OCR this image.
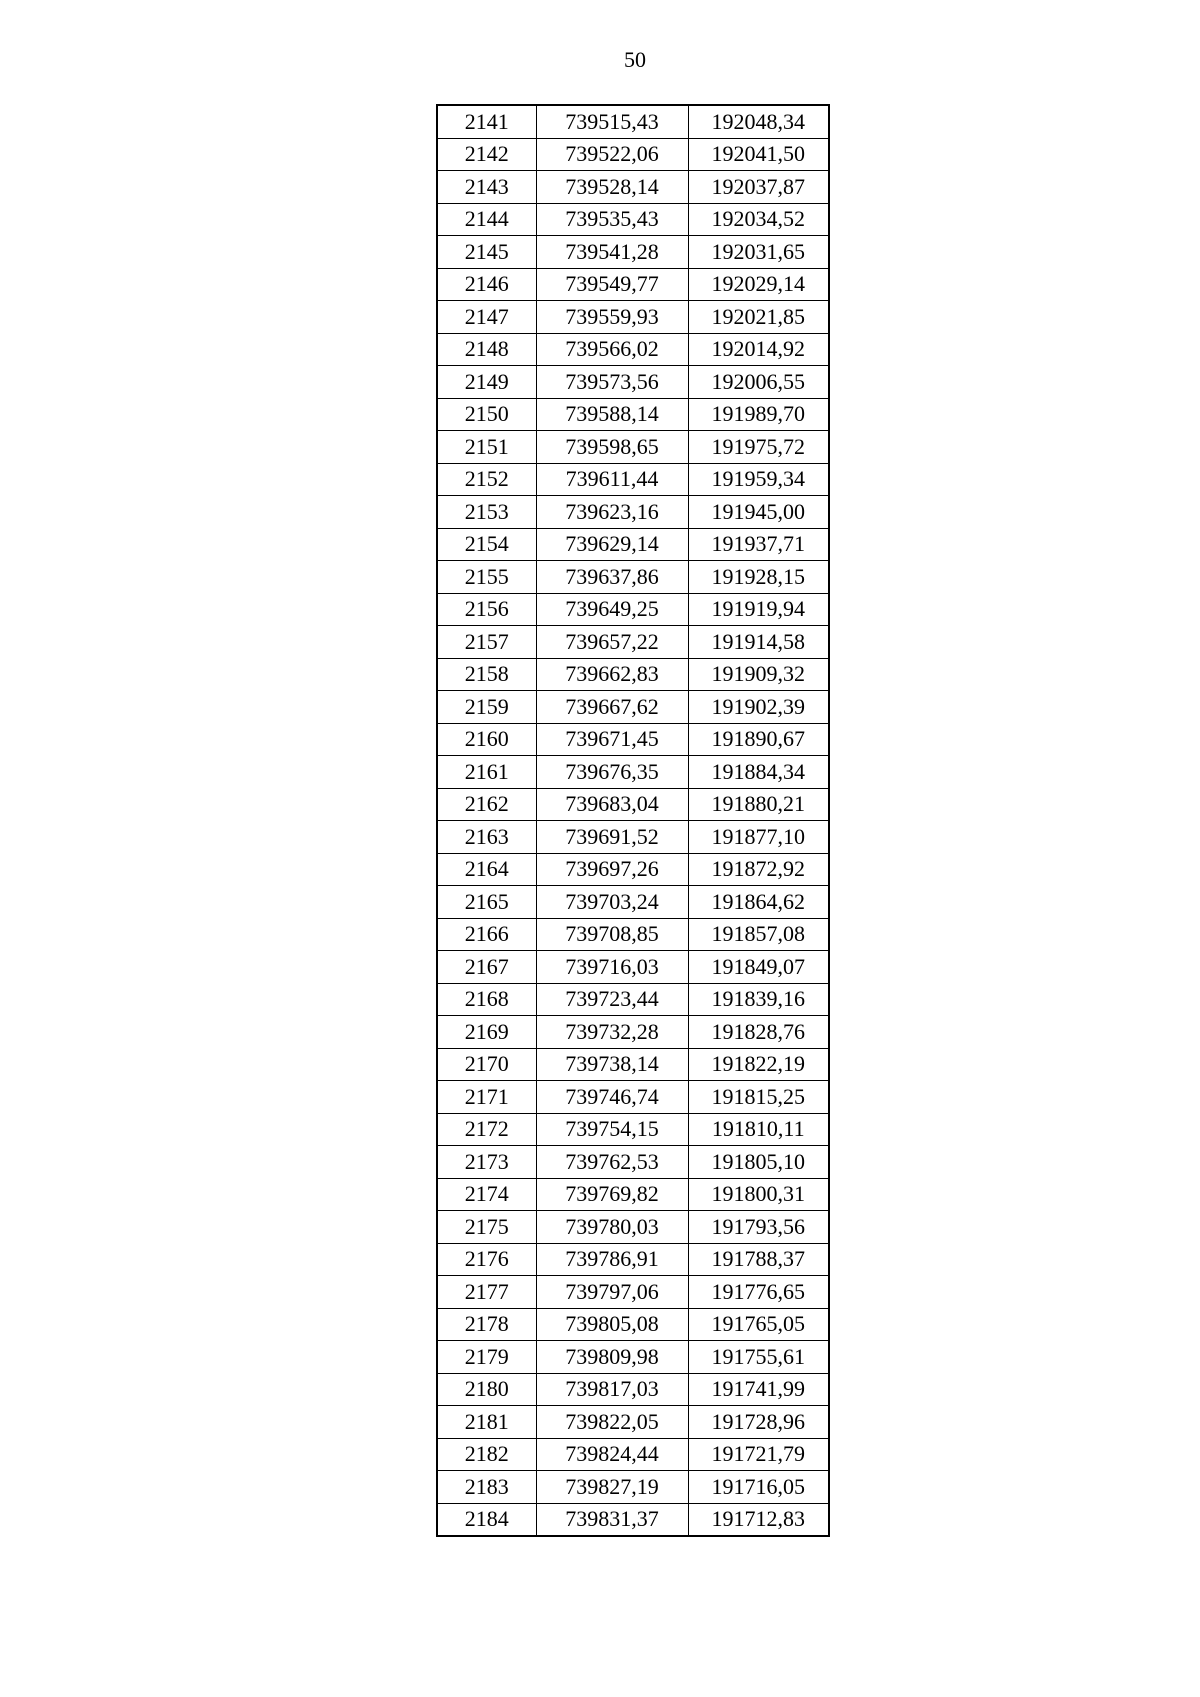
50
2141	739515,43	192048,34
2142	739522,06	192041,50
2143	739528,14	192037,87
2144	739535,43	192034,52
2145	739541,28	192031,65
2146	739549,77	192029,14
2147	739559,93	192021,85
2148	739566,02	192014,92
2149	739573,56	192006,55
2150	739588,14	191989,70
2151	739598,65	191975,72
2152	739611,44	191959,34
2153	739623,16	191945,00
2154	739629,14	191937,71
2155	739637,86	191928,15
2156	739649,25	191919,94
2157	739657,22	191914,58
2158	739662,83	191909,32
2159	739667,62	191902,39
2160	739671,45	191890,67
2161	739676,35	191884,34
2162	739683,04	191880,21
2163	739691,52	191877,10
2164	739697,26	191872,92
2165	739703,24	191864,62
2166	739708,85	191857,08
2167	739716,03	191849,07
2168	739723,44	191839,16
2169	739732,28	191828,76
2170	739738,14	191822,19
2171	739746,74	191815,25
2172	739754,15	191810,11
2173	739762,53	191805,10
2174	739769,82	191800,31
2175	739780,03	191793,56
2176	739786,91	191788,37
2177	739797,06	191776,65
2178	739805,08	191765,05
2179	739809,98	191755,61
2180	739817,03	191741,99
2181	739822,05	191728,96
2182	739824,44	191721,79
2183	739827,19	191716,05
2184	739831,37	191712,83
